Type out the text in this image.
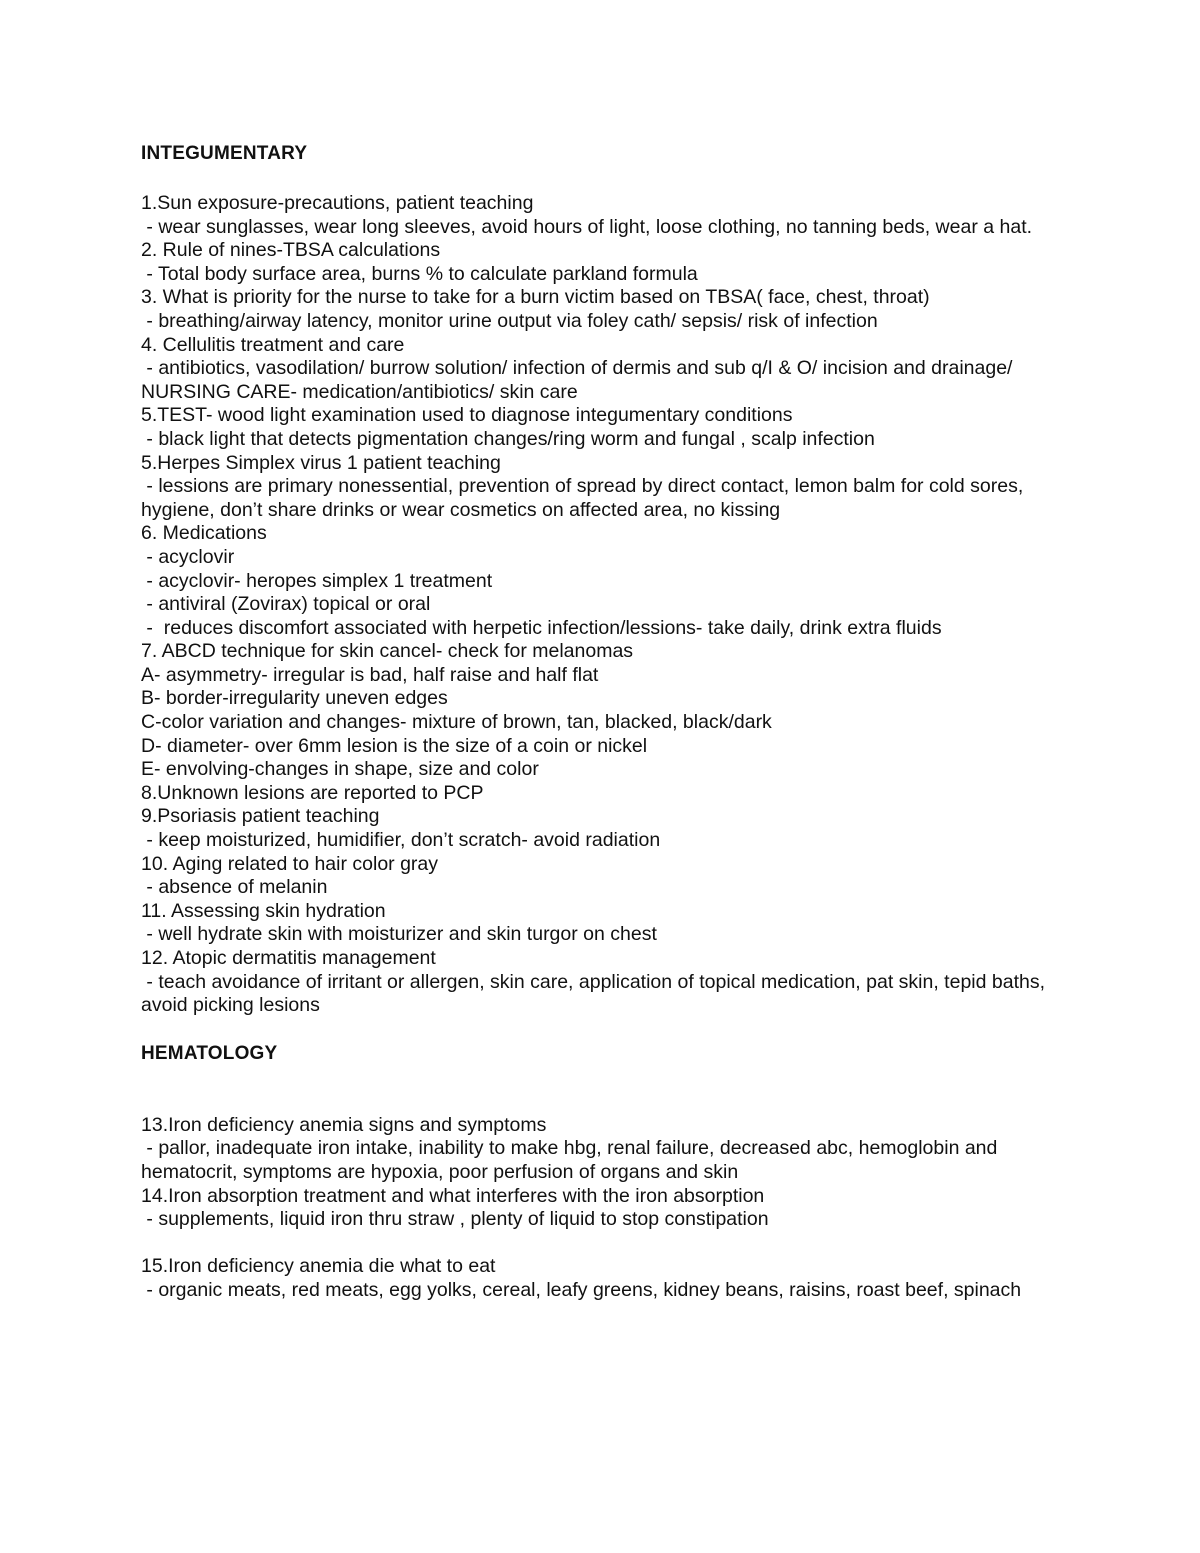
INTEGUMENTARY

1.Sun exposure-precautions, patient teaching

- wear sunglasses, wear long sleeves, avoid hours of light, loose clothing, no tanning beds, wear a hat.

2. Rule of nines-TBSA calculations

- Total body surface area, burns % to calculate parkland formula

3. What is priority for the nurse to take for a burn victim based on TBSA( face, chest, throat)

- breathing/airway latency, monitor urine output via foley cath/ sepsis/ risk of infection

4. Cellulitis treatment and care

- antibiotics, vasodilation/ burrow solution/ infection of dermis and sub q/I & O/ incision and drainage/ NURSING CARE- medication/antibiotics/ skin care

5.TEST- wood light examination used to diagnose integumentary conditions

- black light that detects pigmentation changes/ring worm and fungal , scalp infection

5.Herpes Simplex virus 1 patient teaching

- lessions are primary nonessential, prevention of spread by direct contact, lemon balm for cold sores, hygiene, don’t share drinks or wear cosmetics on affected area, no kissing

6. Medications

- acyclovir

- acyclovir- heropes simplex 1 treatment

- antiviral (Zovirax) topical or oral

-  reduces discomfort associated with herpetic infection/lessions- take daily, drink extra fluids

7. ABCD technique for skin cancel- check for melanomas

A- asymmetry- irregular is bad, half raise and half flat

B- border-irregularity uneven edges

C-color variation and changes- mixture of brown, tan, blacked, black/dark

D- diameter- over 6mm lesion is the size of a coin or nickel

E- envolving-changes in shape, size and color

8.Unknown lesions are reported to PCP

9.Psoriasis patient teaching

- keep moisturized, humidifier, don’t scratch- avoid radiation

10. Aging related to hair color gray

- absence of melanin

11. Assessing skin hydration

- well hydrate skin with moisturizer and skin turgor on chest

12. Atopic dermatitis management

- teach avoidance of irritant or allergen, skin care, application of topical medication, pat skin, tepid baths, avoid picking lesions

HEMATOLOGY

13.Iron deficiency anemia signs and symptoms

- pallor, inadequate iron intake, inability to make hbg, renal failure, decreased abc, hemoglobin and hematocrit, symptoms are hypoxia, poor perfusion of organs and skin

14.Iron absorption treatment and what interferes with the iron absorption

- supplements, liquid iron thru straw , plenty of liquid to stop constipation

15.Iron deficiency anemia die what to eat

- organic meats, red meats, egg yolks, cereal, leafy greens, kidney beans, raisins, roast beef, spinach
